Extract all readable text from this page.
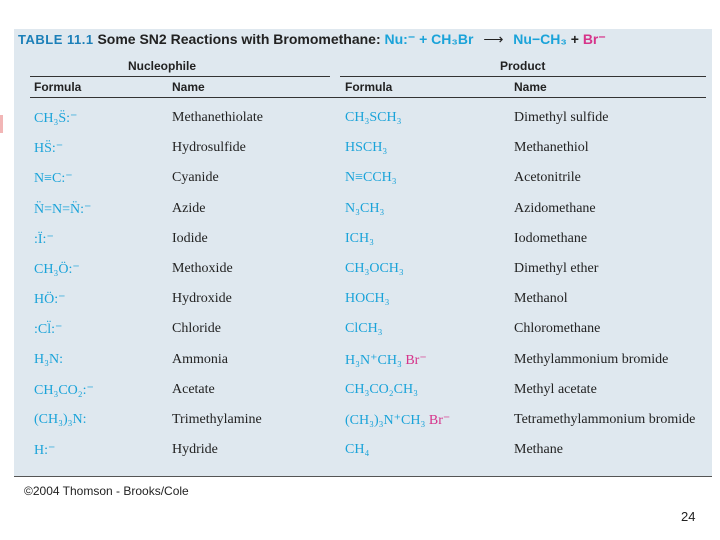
TABLE 11.1 Some SN2 Reactions with Bromomethane: Nu:⁻ + CH₃Br ⟶ Nu−CH₃ + Br⁻
Nucleophile	Product
Formula	Name	Formula	Name
CH₃S̈:⁻	Methanethiolate	CH₃SCH₃	Dimethyl sulfide
HS̈:⁻	Hydrosulfide	HSCH₃	Methanethiol
N≡C:⁻	Cyanide	N≡CCH₃	Acetonitrile
N̈=N=N̈:⁻	Azide	N₃CH₃	Azidomethane
:Ï:⁻	Iodide	ICH₃	Iodomethane
CH₃Ö:⁻	Methoxide	CH₃OCH₃	Dimethyl ether
HÖ:⁻	Hydroxide	HOCH₃	Methanol
:Cl̈:⁻	Chloride	ClCH₃	Chloromethane
H₃N:	Ammonia	H₃N⁺CH₃ Br⁻	Methylammonium bromide
CH₃CO₂:⁻	Acetate	CH₃CO₂CH₃	Methyl acetate
(CH₃)₃N:	Trimethylamine	(CH₃)₃N⁺CH₃ Br⁻	Tetramethylammonium bromide
H:⁻	Hydride	CH₄	Methane
©2004 Thomson - Brooks/Cole
24
